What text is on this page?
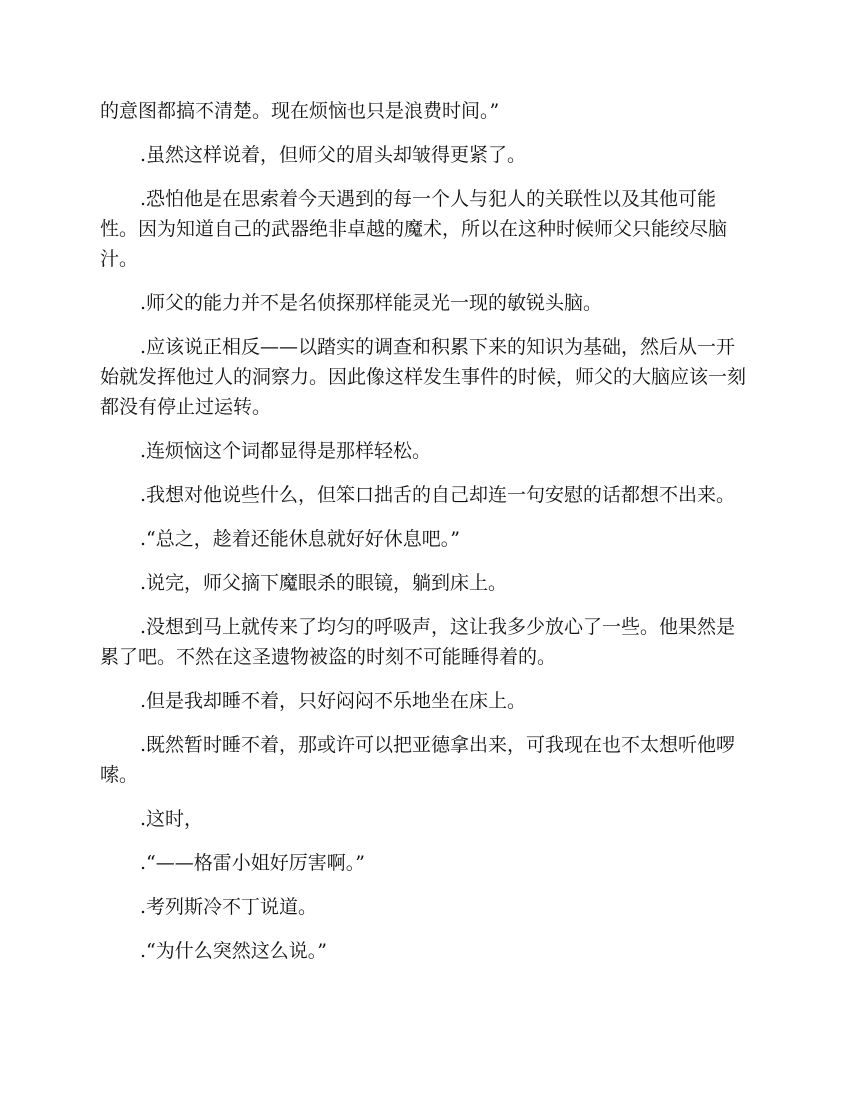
的意图都搞不清楚。现在烦恼也只是浪费时间。”

.虽然这样说着，但师父的眉头却皱得更紧了。

.恐怕他是在思索着今天遇到的每一个人与犯人的关联性以及其他可能性。因为知道自己的武器绝非卓越的魔术，所以在这种时候师父只能绞尽脑汁。

.师父的能力并不是名侦探那样能灵光一现的敏锐头脑。

.应该说正相反——以踏实的调查和积累下来的知识为基础，然后从一开始就发挥他过人的洞察力。因此像这样发生事件的时候，师父的大脑应该一刻都没有停止过运转。

.连烦恼这个词都显得是那样轻松。

.我想对他说些什么，但笨口拙舌的自己却连一句安慰的话都想不出来。

.“总之，趁着还能休息就好好休息吧。”

.说完，师父摘下魔眼杀的眼镜，躺到床上。

.没想到马上就传来了均匀的呼吸声，这让我多少放心了一些。他果然是累了吧。不然在这圣遗物被盗的时刻不可能睡得着的。

.但是我却睡不着，只好闷闷不乐地坐在床上。

.既然暂时睡不着，那或许可以把亚德拿出来，可我现在也不太想听他啰嗦。

.这时，

.“——格雷小姐好厉害啊。”

.考列斯冷不丁说道。

.“为什么突然这么说。”
